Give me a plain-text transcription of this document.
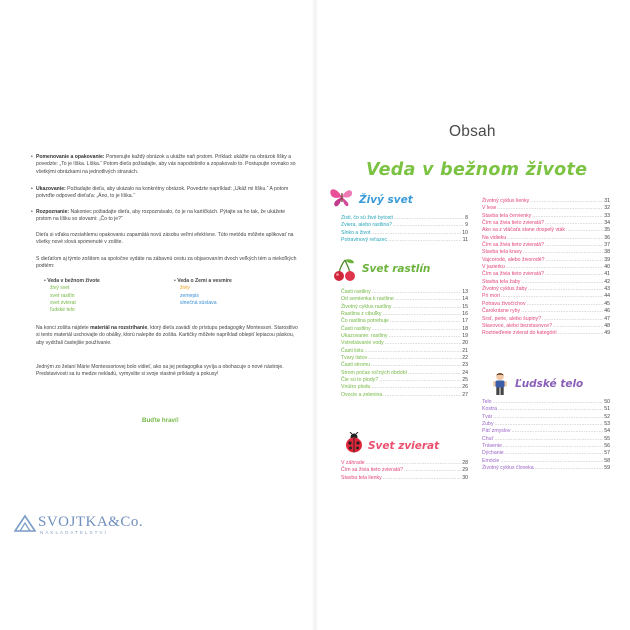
• Pomenovanie a opakovanie: Pomenujte každý obrázok a ukážte naň prstom. Príklad: ukážte na obrázok líšky a povedzte: „To je líška. Líška.“ Potom dieťa požiadajte, aby vás napodobnilo a zopakovalo to. Postupujte rovnako so všetkými obrázkami na jednotlivých stranách.
• Ukazovanie: Požiadajte dieťa, aby ukázalo na konkrétny obrázok. Povedzte napríklad: „Ukáž mi líšku.“ A potom potvrďte odpoveď dieťaťa: „Áno, to je líška.“
• Rozpoznanie: Nakoniec požiadajte dieťa, aby rozpoznávalo, čo je na kartičkách. Pýtajte sa ho tak, že ukážete prstom na líšku so slovami: „Čo to je?“
Dieťa si vďaka rozsiahlemu opakovaniu zapamätá novú zásobu veľmi efektívne. Túto metódu môžete aplikovať na všetky nové slová spomenuté v zošite.
S dieťaťom aj týmto zošitom sa spoločne vydáte na zábavnú cestu za objavovaním dvoch veľkých tém a niekoľkých podtém:
• Veda v bežnom živote
živý svet
svet rastlín
svet zvierat
ľudské telo
• Veda o Zemi a vesmíre
živly
zemepis
slnečná sústava
Na konci zošita nájdete materiál na rozstrihanie, ktorý dieťa zavádí do prístupu pedagogiky Montessori. Starostlivo si tento materiál uschovajte do obálky, ktorú nalepíte do zošita. Kartičky môžete napríklad oblepiť lepiacou páskou, aby vydržali častejšie používanie.
Jedným zo želaní Márie Montessoriovej bolo vidieť, ako sa jej pedagogika vyvíja a obohacuje o nové nástroje. Predstavivosti sa tu medze nekladú, vymyslite si svoje vlastné príklady a pokusy!
Buďte hraví!
SVOJTKA&Co.
NAKLADATELSTVÍ
Obsah
Veda v bežnom živote
Živý svet
Zisti, čo sú živé bytosti .....	8
Zviera, alebo rastlina? .....	9
Slnko a život .....	10
Potravinový reťazec .....	11
Svet rastlín
Časti rastliny .....	13
Od semienka k rastline .....	14
Životný cyklus rastliny .....	15
Rastlina z cibuľky .....	16
Čo rastlina potrebuje .....	17
Časti rastliny .....	18
Ukazovanie: rastliny .....	19
Vstrebávanie vody .....	20
Časti listu .....	21
Tvary listov .....	22
Časti stromu .....	23
Strom počas ročných období .....	24
Čie sú to plody? .....	25
Vnútro plodu .....	26
Ovocie a zelenina .....	27
Svet zvierat
V záhrade .....	28
Čím sa živia tieto zvieratá? .....	29
Stavba tela lienky .....	30
Životný cyklus lienky .....	31
V lese .....	32
Stavba tela červienky .....	33
Čím sa živia tieto zvieratá? .....	34
Ako sa z vtáčaťa stane dospelý vták .....	35
Na vidieku .....	36
Čím sa živia tieto zvieratá? .....	37
Stavba tela kravy .....	38
Vajcorodé, alebo živorodé? .....	39
V jazierku .....	40
Čím sa živia tieto zvieratá? .....	41
Stavba tela žaby .....	42
Životný cyklus žaby .....	43
Pri mori .....	44
Potrava živočíchov .....	45
Čarokrásne ryby .....	46
Srsť, perie, alebo šupiny? .....	47
Stavovce, alebo bezstavovce? .....	48
Roztrieďenie zvierat do kategórií .....	49
Ľudské telo
Telo .....	50
Kostra .....	51
Tvár .....	52
Zuby .....	53
Päť zmyslov .....	54
Chuť .....	55
Trávenie .....	56
Dýchanie .....	57
Emócie .....	58
Životný cyklus človeka .....	59
